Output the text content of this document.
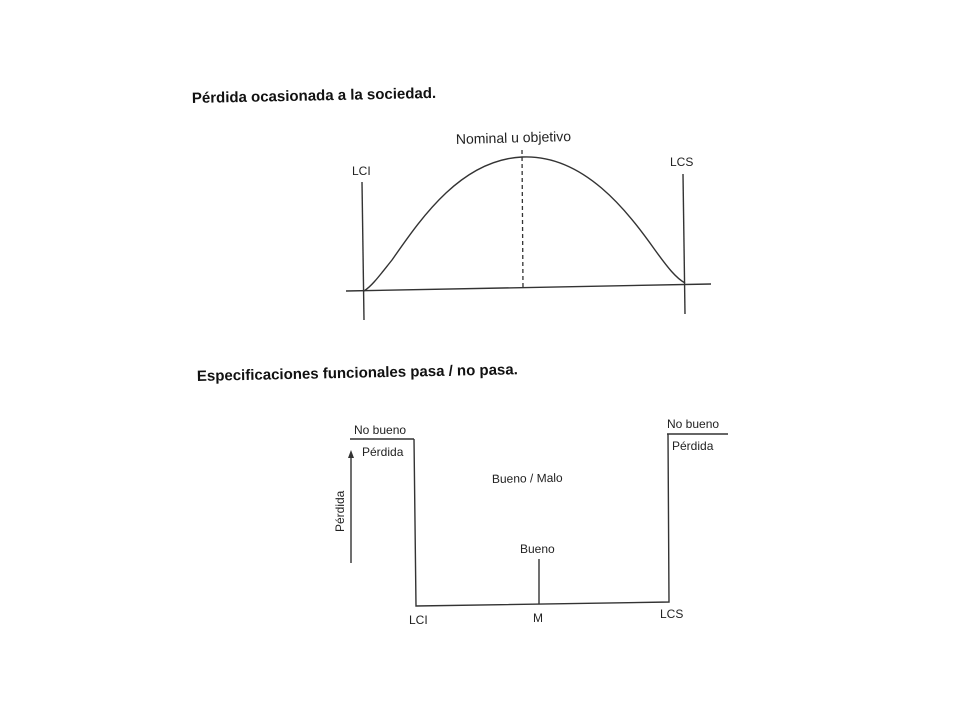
Pérdida ocasionada a la sociedad.
Nominal u objetivo
LCI
LCS
Especificaciones funcionales pasa / no pasa.
No bueno
Pérdida
No bueno
Pérdida
Bueno / Malo
Bueno
Pérdida
LCI	M	LCS
